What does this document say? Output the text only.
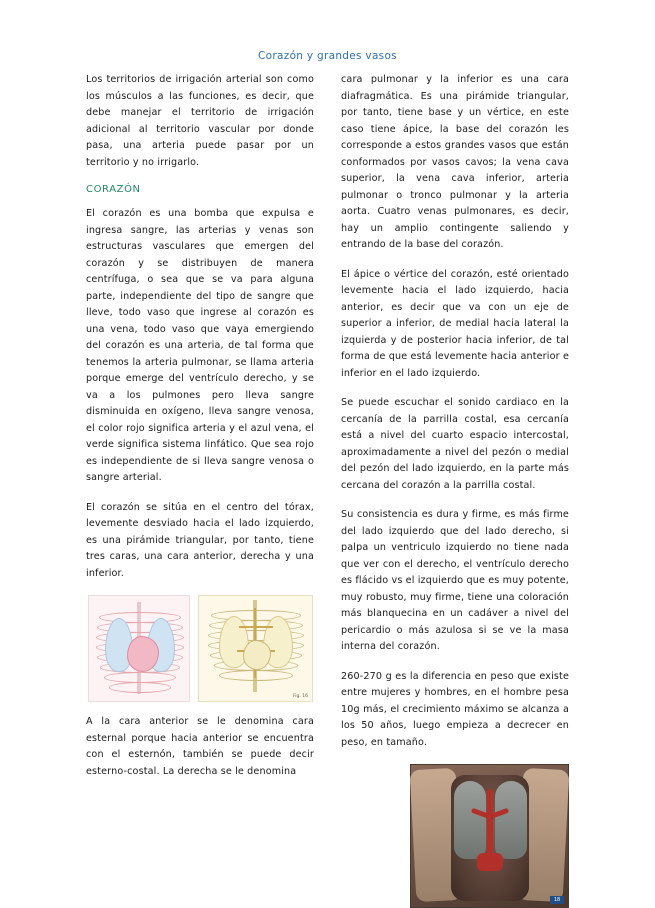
Corazón y grandes vasos

Los territorios de irrigación arterial son como los músculos a las funciones, es decir, que debe manejar el territorio de irrigación adicional al territorio vascular por donde pasa, una arteria puede pasar por un territorio y no irrigarlo.

CORAZÓN

El corazón es una bomba que expulsa e ingresa sangre, las arterias y venas son estructuras vasculares que emergen del corazón y se distribuyen de manera centrífuga, o sea que se va para alguna parte, independiente del tipo de sangre que lleve, todo vaso que ingrese al corazón es una vena, todo vaso que vaya emergiendo del corazón es una arteria, de tal forma que tenemos la arteria pulmonar, se llama arteria porque emerge del ventrículo derecho, y se va a los pulmones pero lleva sangre disminuida en oxígeno, lleva sangre venosa, el color rojo significa arteria y el azul vena, el verde significa sistema linfático. Que sea rojo es independiente de si lleva sangre venosa o sangre arterial.

El corazón se sitúa en el centro del tórax, levemente desviado hacia el lado izquierdo, es una pirámide triangular, por tanto, tiene tres caras, una cara anterior, derecha y una inferior.

Fig. 16

A la cara anterior se le denomina cara esternal porque hacia anterior se encuentra con el esternón, también se puede decir esterno-costal. La derecha se le denomina

cara pulmonar y la inferior es una cara diafragmática. Es una pirámide triangular, por tanto, tiene base y un vértice, en este caso tiene ápice, la base del corazón les corresponde a estos grandes vasos que están conformados por vasos cavos; la vena cava superior, la vena cava inferior, arteria pulmonar o tronco pulmonar y la arteria aorta. Cuatro venas pulmonares, es decir, hay un amplio contingente saliendo y entrando de la base del corazón.

El ápice o vértice del corazón, esté orientado levemente hacia el lado izquierdo, hacia anterior, es decir que va con un eje de superior a inferior, de medial hacia lateral la izquierda y de posterior hacia inferior, de tal forma de que está levemente hacia anterior e inferior en el lado izquierdo.

Se puede escuchar el sonido cardiaco en la cercanía de la parrilla costal, esa cercanía está a nivel del cuarto espacio intercostal, aproximadamente a nivel del pezón o medial del pezón del lado izquierdo, en la parte más cercana del corazón a la parrilla costal.

Su consistencia es dura y firme, es más firme del lado izquierdo que del lado derecho, si palpa un ventriculo izquierdo no tiene nada que ver con el derecho, el ventrículo derecho es flácido vs el izquierdo que es muy potente, muy robusto, muy firme, tiene una coloración más blanquecina en un cadáver a nivel del pericardio o más azulosa si se ve la masa interna del corazón.

260-270 g es la diferencia en peso que existe entre mujeres y hombres, en el hombre pesa 10g más, el crecimiento máximo se alcanza a los 50 años, luego empieza a decrecer en peso, en tamaño.

18
